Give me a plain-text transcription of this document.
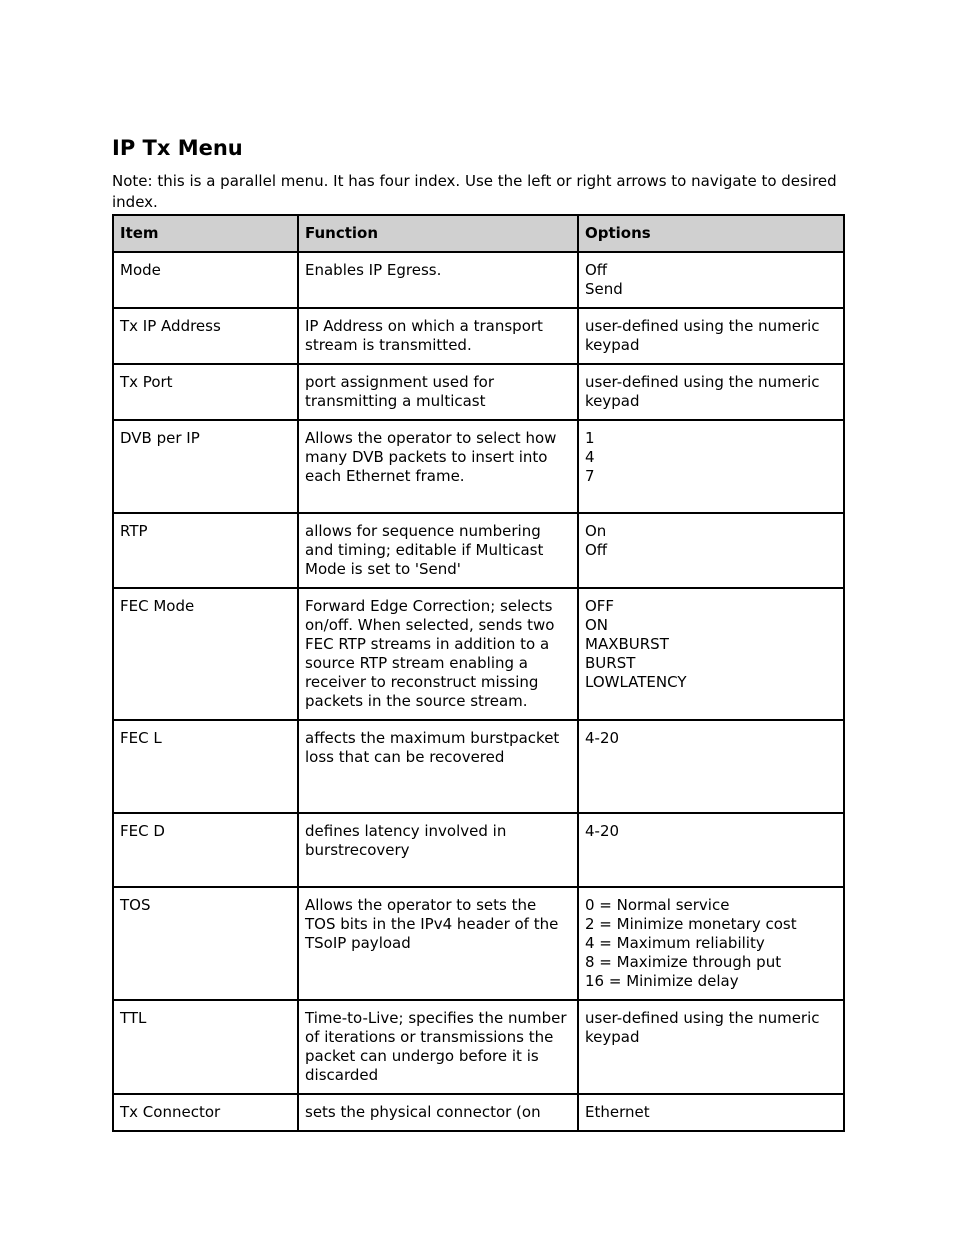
IP Tx Menu

Note: this is a parallel menu. It has four index. Use the left or right arrows to navigate to desired index.

Item	Function	Options
Mode	Enables IP Egress.	Off
Send
Tx IP Address	IP Address on which a transport stream is transmitted.	user-defined using the numeric keypad
Tx Port	port assignment used for transmitting a multicast	user-defined using the numeric keypad
DVB per IP	Allows the operator to select how many DVB packets to insert into each Ethernet frame.	1
4
7
RTP	allows for sequence numbering and timing; editable if Multicast Mode is set to 'Send'	On
Off
FEC Mode	Forward Edge Correction; selects on/off. When selected, sends two FEC RTP streams in addition to a source RTP stream enabling a receiver to reconstruct missing packets in the source stream.	OFF
ON
MAXBURST
BURST
LOWLATENCY
FEC L	affects the maximum burstpacket loss that can be recovered	4-20
FEC D	defines latency involved in burstrecovery	4-20
TOS	Allows the operator to sets the TOS bits in the IPv4 header of the TSoIP payload	0 = Normal service
2 = Minimize monetary cost
4 = Maximum reliability
8 = Maximize through put
16 = Minimize delay
TTL	Time-to-Live; specifies the number of iterations or transmissions the packet can undergo before it is discarded	user-defined using the numeric keypad
Tx Connector	sets the physical connector (on	Ethernet
